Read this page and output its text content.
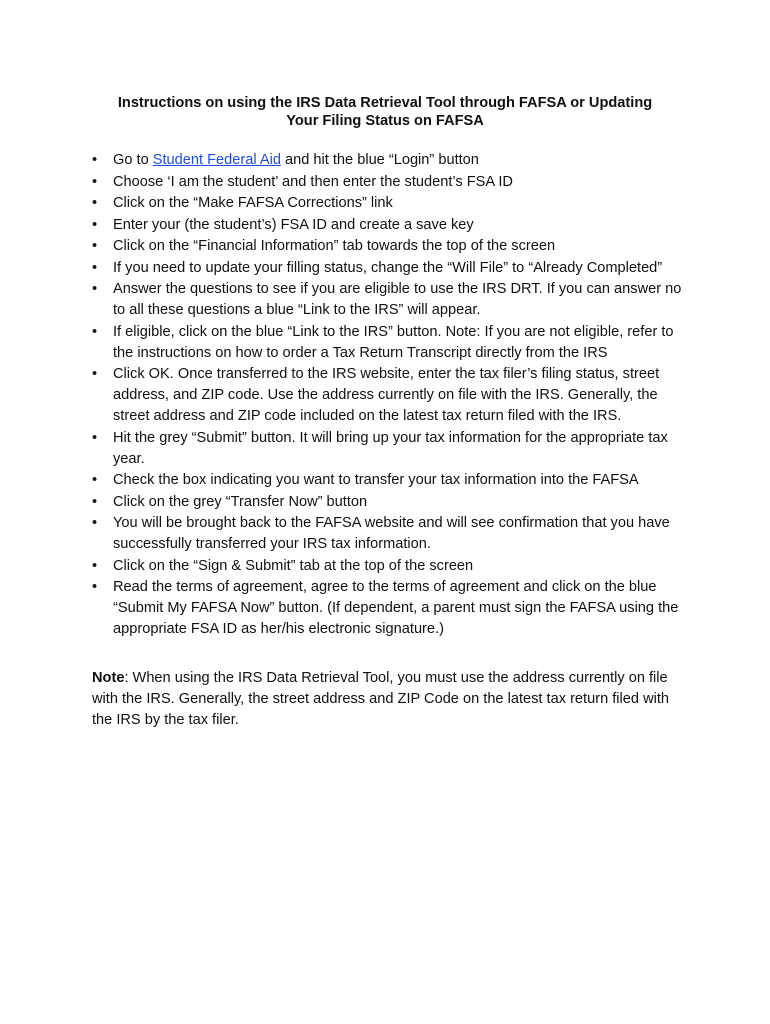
Instructions on using the IRS Data Retrieval Tool through FAFSA or Updating
Your Filing Status on FAFSA
•	Go to Student Federal Aid and hit the blue “Login” button
•	Choose ‘I am the student’ and then enter the student’s FSA ID
•	Click on the “Make FAFSA Corrections” link
•	Enter your (the student’s) FSA ID and create a save key
•	Click on the “Financial Information” tab towards the top of the screen
•	If you need to update your filling status, change the “Will File” to “Already Completed”
•	Answer the questions to see if you are eligible to use the IRS DRT. If you can answer no to all these questions a blue “Link to the IRS” will appear.
•	If eligible, click on the blue “Link to the IRS” button. Note: If you are not eligible, refer to the instructions on how to order a Tax Return Transcript directly from the IRS
•	Click OK. Once transferred to the IRS website, enter the tax filer’s filing status, street address, and ZIP code. Use the address currently on file with the IRS. Generally, the street address and ZIP code included on the latest tax return filed with the IRS.
•	Hit the grey “Submit” button. It will bring up your tax information for the appropriate tax year.
•	Check the box indicating you want to transfer your tax information into the FAFSA
•	Click on the grey “Transfer Now” button
•	You will be brought back to the FAFSA website and will see confirmation that you have successfully transferred your IRS tax information.
•	Click on the “Sign & Submit” tab at the top of the screen
•	Read the terms of agreement, agree to the terms of agreement and click on the blue “Submit My FAFSA Now” button. (If dependent, a parent must sign the FAFSA using the appropriate FSA ID as her/his electronic signature.)

Note: When using the IRS Data Retrieval Tool, you must use the address currently on file with the IRS. Generally, the street address and ZIP Code on the latest tax return filed with the IRS by the tax filer.
